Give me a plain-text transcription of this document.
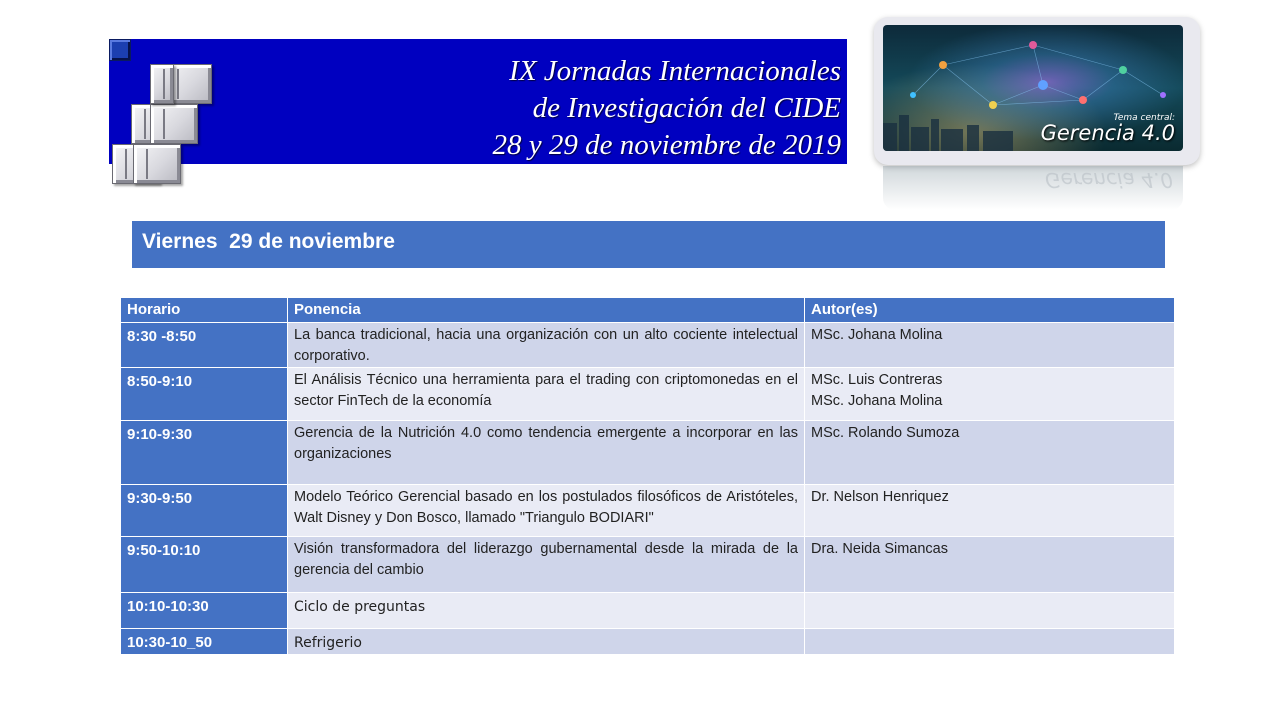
IX Jornadas Internacionales
de Investigación del CIDE
28 y 29 de noviembre de 2019
Tema central:
Gerencia 4.0
Gerencia 4.0
Viernes  29 de noviembre
Horario	Ponencia	Autor(es)
8:30 -8:50	La banca tradicional, hacia una organización con un alto cociente intelectual corporativo.	MSc. Johana Molina

8:50-9:10	El Análisis Técnico una herramienta para el trading con criptomonedas en el sector FinTech de la economía	MSc. Luis Contreras
MSc. Johana Molina

9:10-9:30	Gerencia de la Nutrición 4.0 como tendencia emergente a incorporar en las organizaciones	MSc. Rolando Sumoza

9:30-9:50	Modelo Teórico Gerencial basado en los postulados filosóficos de Aristóteles, Walt Disney y Don Bosco, llamado "Triangulo BODIARI"	Dr. Nelson Henriquez

9:50-10:10	Visión transformadora del liderazgo gubernamental desde la mirada de la gerencia del cambio	Dra. Neida Simancas

10:10-10:30	Ciclo de preguntas	
10:30-10_50	Refrigerio	
